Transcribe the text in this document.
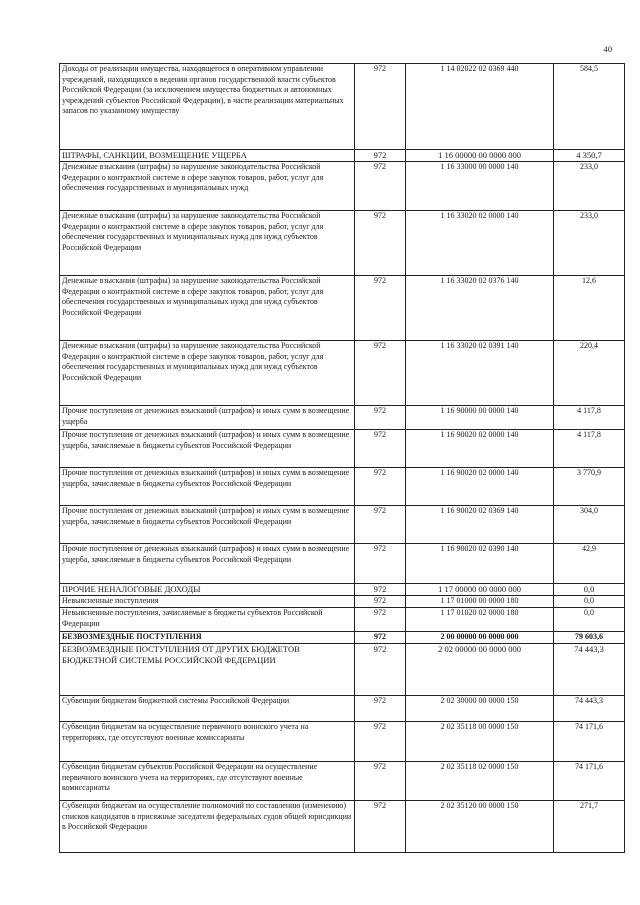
40
Доходы от реализации имущества, находящегося в оперативном управлении учреждений, находящихся в ведении органов государственной власти субъектов Российской Федерации (за исключением имущества бюджетных и автономных учреждений субъектов Российской Федерации), в части реализации материальных запасов по указанному имуществу	972	1 14 02022 02 0369 440	584,5
ШТРАФЫ, САНКЦИИ, ВОЗМЕЩЕНИЕ УЩЕРБА	972	1 16 00000 00 0000 000	4 350,7
Денежные взыскания (штрафы) за нарушение законодательства Российской Федерации о контрактной системе в сфере закупок товаров, работ, услуг для обеспечения государственных и муниципальных нужд	972	1 16 33000 00 0000 140	233,0
Денежные взыскания (штрафы) за нарушение законодательства Российской Федерации о контрактной системе в сфере закупок товаров, работ, услуг для обеспечения государственных и муниципальных нужд для нужд субъектов Российской Федерации	972	1 16 33020 02 0000 140	233,0
Денежные взыскания (штрафы) за нарушение законодательства Российской Федерации о контрактной системе в сфере закупок товаров, работ, услуг для обеспечения государственных и муниципальных нужд для нужд субъектов Российской Федерации	972	1 16 33020 02 0376 140	12,6
Денежные взыскания (штрафы) за нарушение законодательства Российской Федерации о контрактной системе в сфере закупок товаров, работ, услуг для обеспечения государственных и муниципальных нужд для нужд субъектов Российской Федерации	972	1 16 33020 02 0391 140	220,4
Прочие поступления от денежных взысканий (штрафов) и иных сумм в возмещение ущерба	972	1 16 90000 00 0000 140	4 117,8
Прочие поступления от денежных взысканий (штрафов) и иных сумм в возмещение ущерба, зачисляемые в бюджеты субъектов Российской Федерации	972	1 16 90020 02 0000 140	4 117,8
Прочие поступления от денежных взысканий (штрафов) и иных сумм в возмещение ущерба, зачисляемые в бюджеты субъектов Российской Федерации	972	1 16 90020 02 0000 140	3 770,9
Прочие поступления от денежных взысканий (штрафов) и иных сумм в возмещение ущерба, зачисляемые в бюджеты субъектов Российской Федерации	972	1 16 90020 02 0369 140	304,0
Прочие поступления от денежных взысканий (штрафов) и иных сумм в возмещение ущерба, зачисляемые в бюджеты субъектов Российской Федерации	972	1 16 90020 02 0390 140	42,9
ПРОЧИЕ НЕНАЛОГОВЫЕ ДОХОДЫ	972	1 17 00000 00 0000 000	0,0
Невыясненные поступления	972	1 17 01000 00 0000 180	0,0
Невыясненные поступления, зачисляемые в бюджеты субъектов Российской Федерации	972	1 17 01020 02 0000 180	0,0
БЕЗВОЗМЕЗДНЫЕ ПОСТУПЛЕНИЯ	972	2 00 00000 00 0000 000	79 603,6
БЕЗВОЗМЕЗДНЫЕ ПОСТУПЛЕНИЯ ОТ ДРУГИХ БЮДЖЕТОВ БЮДЖЕТНОЙ СИСТЕМЫ РОССИЙСКОЙ ФЕДЕРАЦИИ	972	2 02 00000 00 0000 000	74 443,3
Субвенции бюджетам бюджетной системы Российской Федерации	972	2 02 30000 00 0000 150	74 443,3
Субвенции бюджетам на осуществление первичного воинского учета на территориях, где отсутствуют военные комиссариаты	972	2 02 35118 00 0000 150	74 171,6
Субвенции бюджетам субъектов Российской Федерации на осуществление первичного воинского учета на территориях, где отсутствуют военные комиссариаты	972	2 02 35118 02 0000 150	74 171,6
Субвенции бюджетам на осуществление полномочий по составлению (изменению) списков кандидатов в присяжные заседатели федеральных судов общей юрисдикции в Российской Федерации	972	2 02 35120 00 0000 150	271,7
